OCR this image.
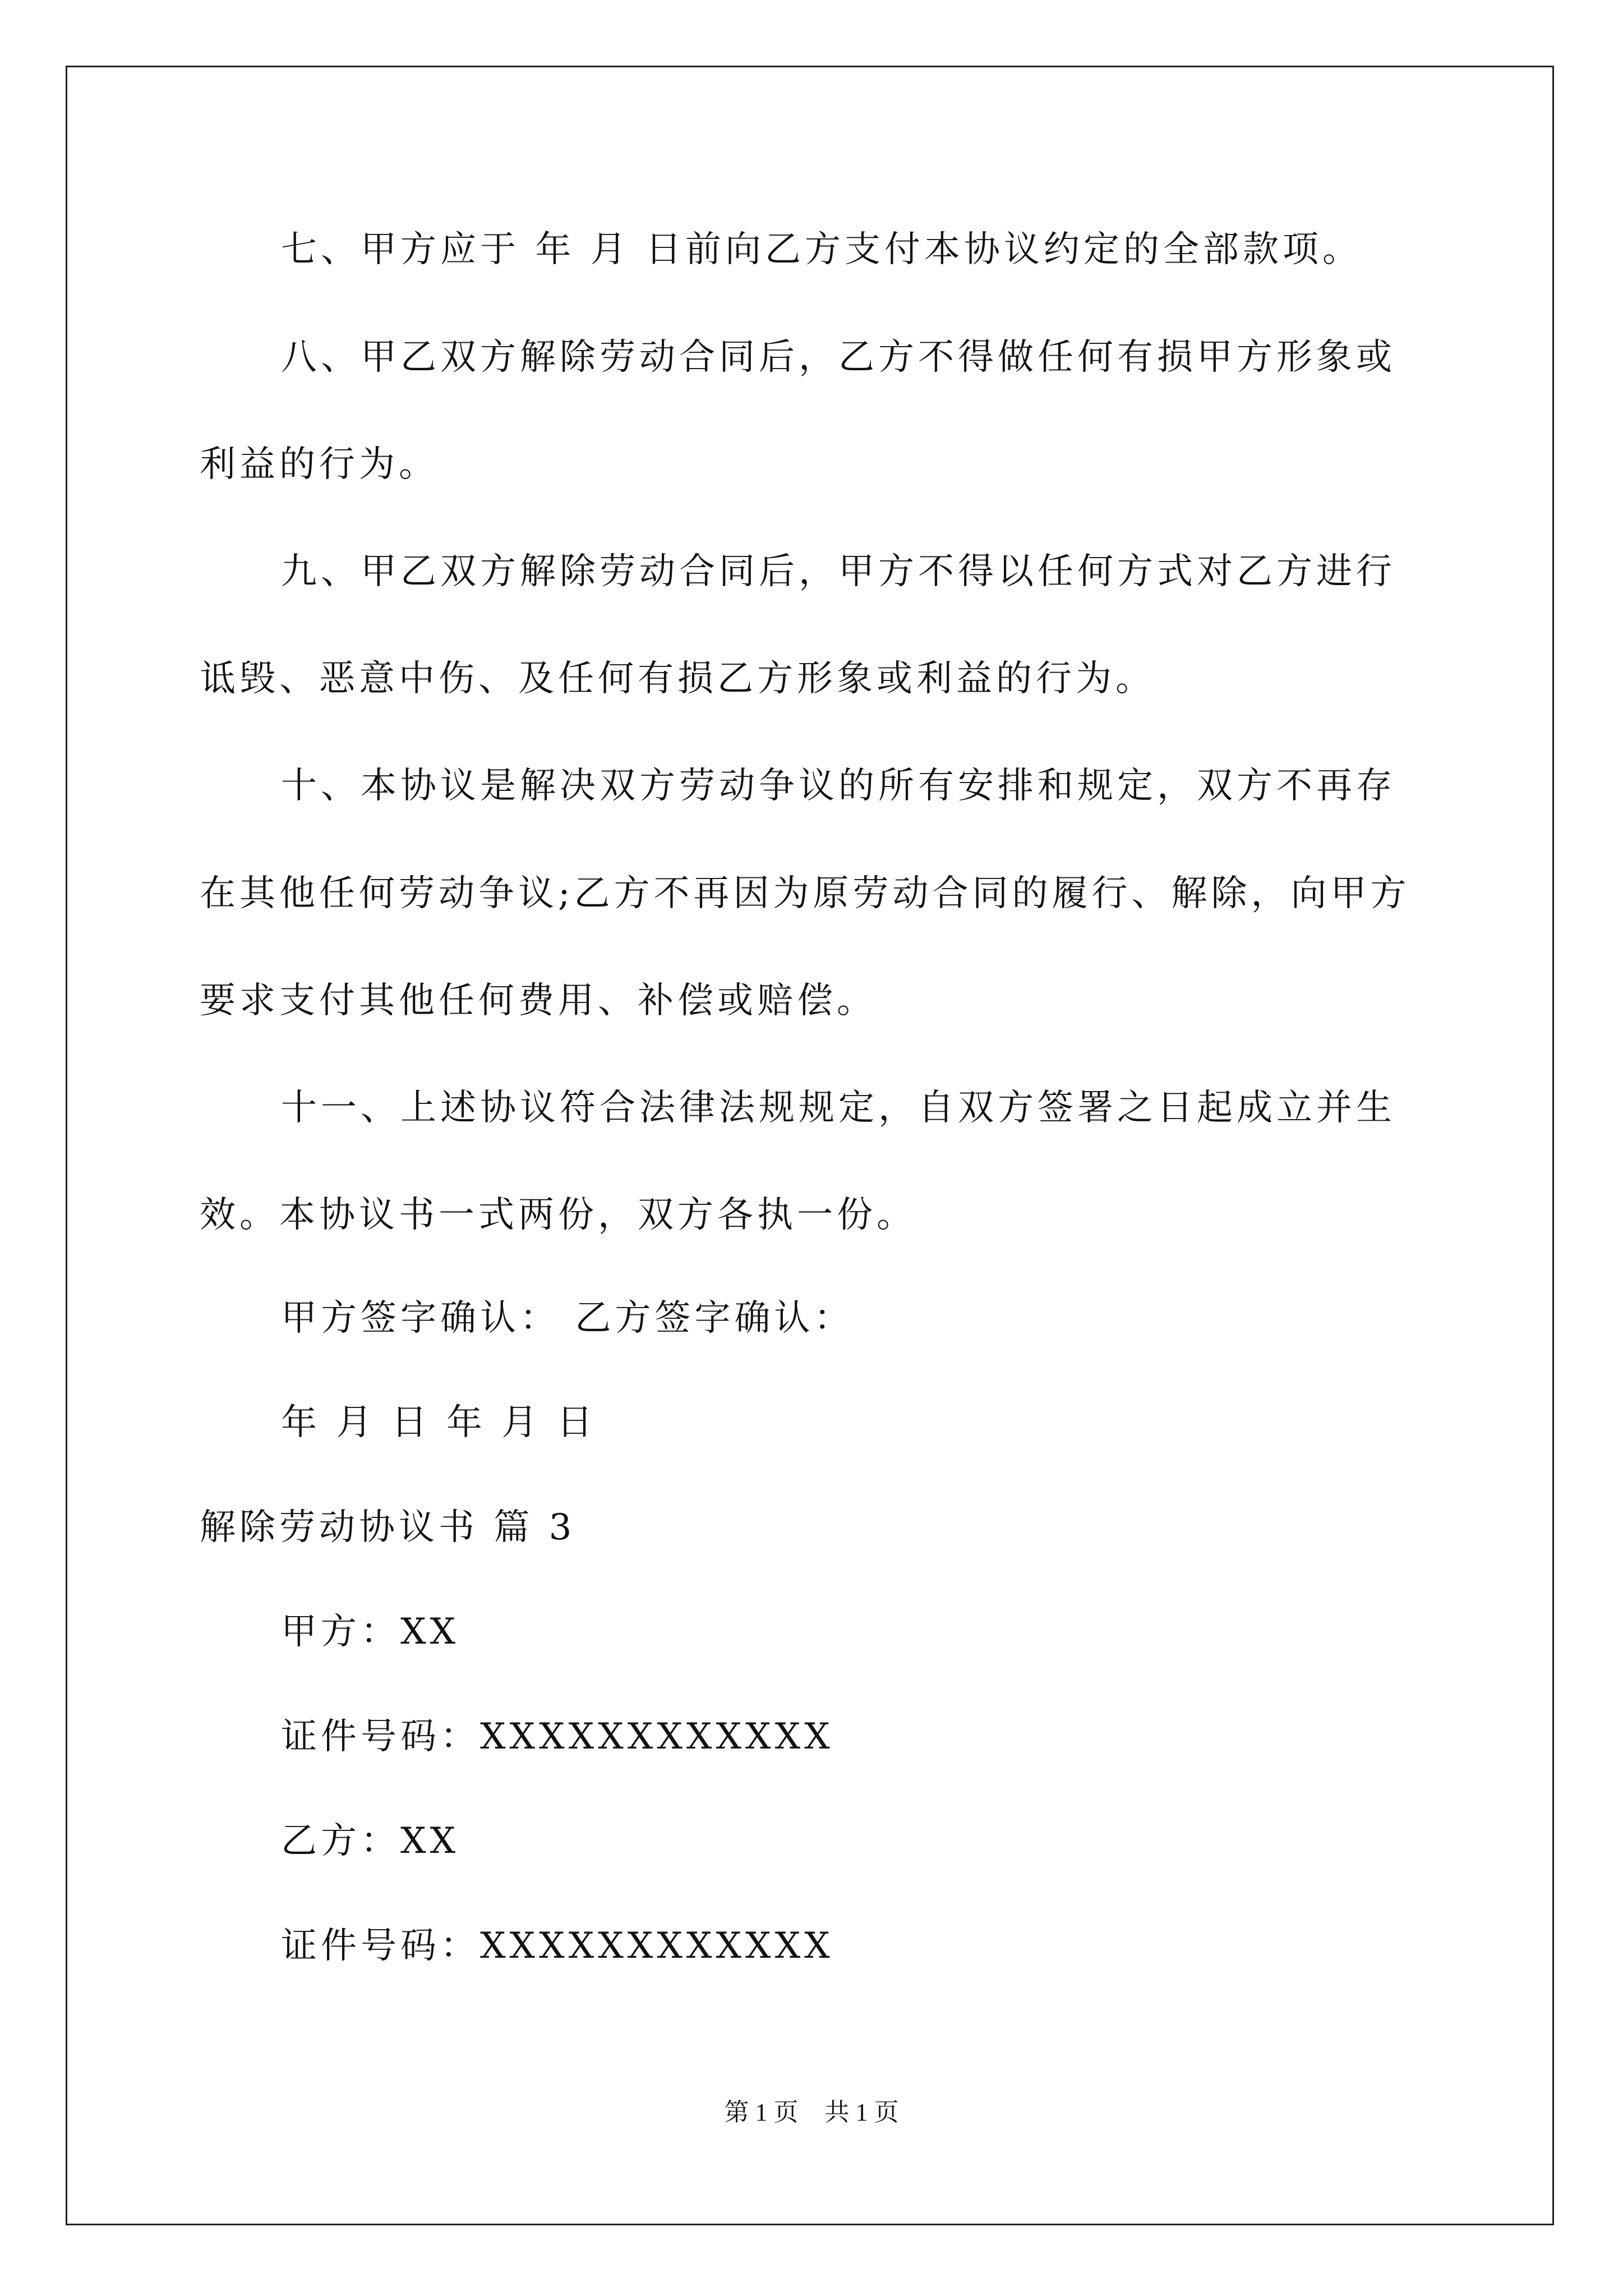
七、甲方应于 年 月 日前向乙方支付本协议约定的全部款项。
八、甲乙双方解除劳动合同后，乙方不得做任何有损甲方形象或
利益的行为。
九、甲乙双方解除劳动合同后，甲方不得以任何方式对乙方进行
诋毁、恶意中伤、及任何有损乙方形象或利益的行为。
十、本协议是解决双方劳动争议的所有安排和规定，双方不再存
在其他任何劳动争议;乙方不再因为原劳动合同的履行、解除，向甲方
要求支付其他任何费用、补偿或赔偿。
十一、上述协议符合法律法规规定，自双方签署之日起成立并生
效。本协议书一式两份，双方各执一份。
甲方签字确认： 乙方签字确认：
年 月 日 年 月 日
解除劳动协议书 篇 3
甲方：XX
证件号码：XXXXXXXXXXXX
乙方：XX
证件号码：XXXXXXXXXXXX
第 1 页 共 1 页
